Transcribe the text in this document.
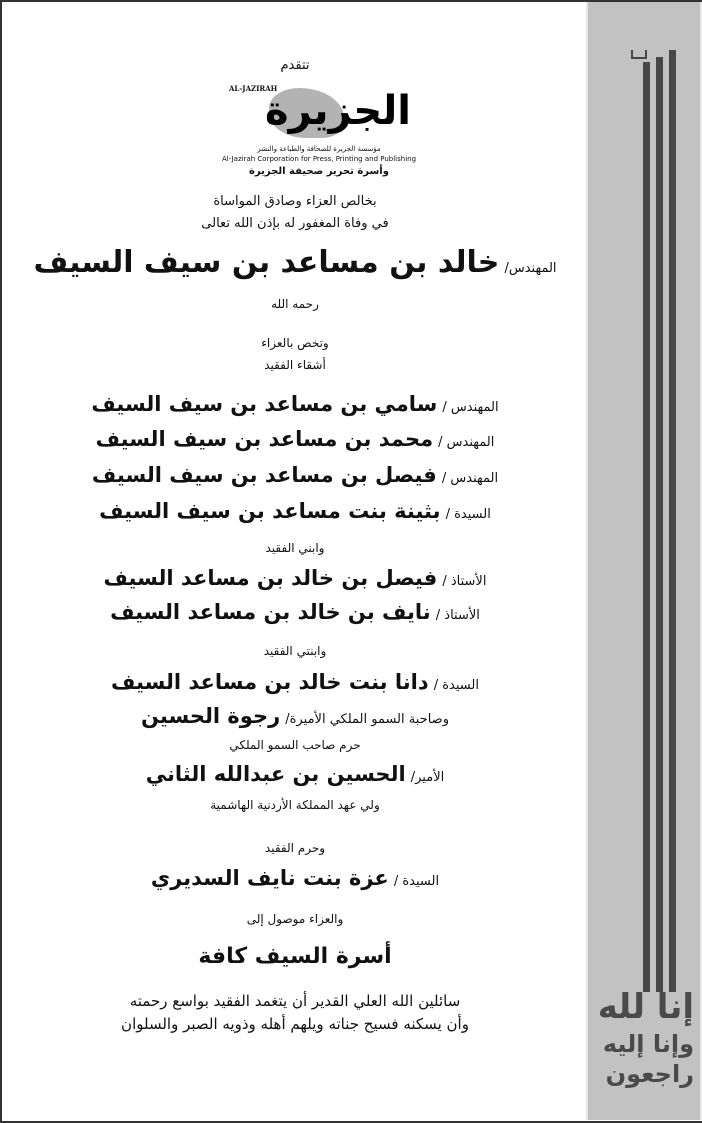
تتقدم
AL-JAZIRAH
الجزيرة
مؤسسة الجزيرة للصحافة والطباعة والنشر
Al-Jazirah Corporation for Press, Printing and Publishing
وأسرة تحرير صحيفة الجزيرة
بخالص العزاء وصادق المواساة
في وفاة المغفور له بإذن الله تعالى
المهندس/ خالد بن مساعد بن سيف السيف
رحمه الله
وتخص بالعزاء
أشقاء الفقيد
المهندس / سامي بن مساعد بن سيف السيف
المهندس / محمد بن مساعد بن سيف السيف
المهندس / فيصل بن مساعد بن سيف السيف
السيدة / بثينة بنت مساعد بن سيف السيف
وابني الفقيد
الأستاذ / فيصل بن خالد بن مساعد السيف
الأستاذ / نايف بن خالد بن مساعد السيف
وابنتي الفقيد
السيدة / دانا بنت خالد بن مساعد السيف
وصاحبة السمو الملكي الأميرة/ رجوة الحسين
حرم صاحب السمو الملكي
الأمير/ الحسين بن عبدالله الثاني
ولي عهد المملكة الأردنية الهاشمية
وحرم الفقيد
السيدة / عزة بنت نايف السديري
والعزاء موصول إلى
أسرة السيف كافة
سائلين الله العلي القدير أن يتغمد الفقيد بواسع رحمته
وأن يسكنه فسيح جناته ويلهم أهله وذويه الصبر والسلوان	إنا لله
وإنا إليه
راجعون
